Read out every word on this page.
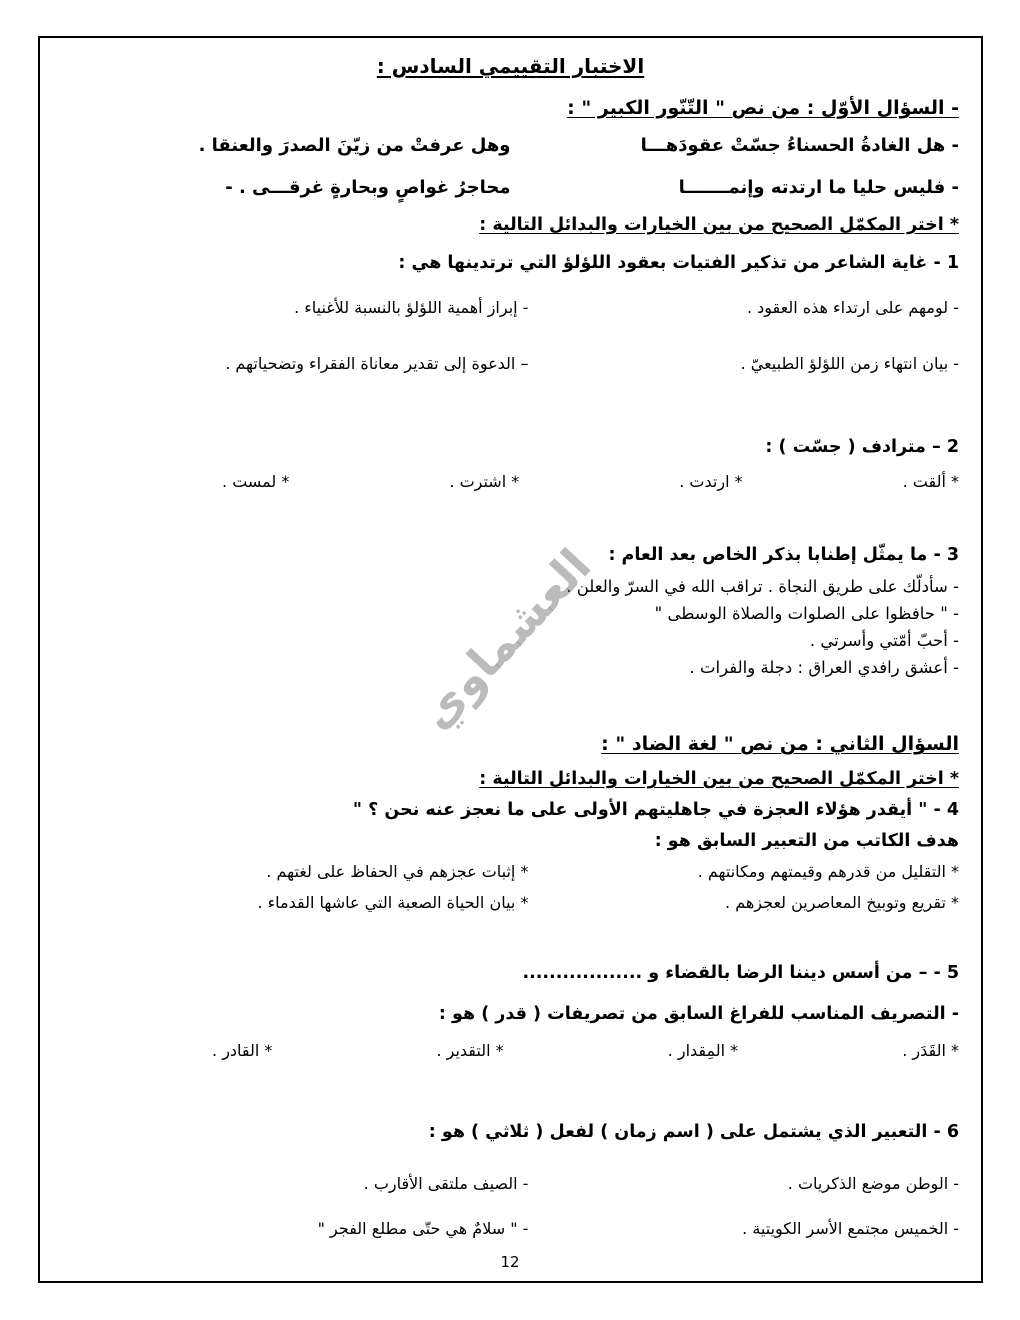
العشماوي
الاختبار التقييمي السادس :
- السؤال الأوّل : من نص " التّنّور الكبير " :
- هل الغادةُ الحسناءُ جسّتْ عقودَهـــا
وهل عرفتْ من زيّنَ الصدرَ والعنقا .
- فليس حليا ما ارتدته وإنمـــــــا
محاجرُ غواصٍ وبحارةٍ غرقـــى . -
* اختر المكمّل الصحيح من بين الخيارات والبدائل التالية :
1 - غاية الشاعر من تذكير الفتيات بعقود اللؤلؤ التي ترتدينها هي :
- لومهم على ارتداء هذه العقود .
- إبراز أهمية اللؤلؤ بالنسبة للأغنياء .
- بيان انتهاء زمن اللؤلؤ الطبيعيّ .
– الدعوة إلى تقدير معاناة الفقراء وتضحياتهم .
2 – مترادف ( جسّت ) :
* ألقت .
* ارتدت .
* اشترت .
* لمست .
3 - ما يمثّل إطنابا بذكر الخاص بعد العام :
- سأدلّك على طريق النجاة . تراقب الله في السرّ والعلن .
- " حافظوا على الصلوات والصلاة الوسطى "
- أحبّ أمّتي وأسرتي .
- أعشق رافدي العراق : دجلة والفرات .
السؤال الثاني : من نص " لغة الضاد " :
* اختر المكمّل الصحيح من بين الخيارات والبدائل التالية :
4 - " أيقدر هؤلاء العجزة في جاهليتهم الأولى على ما نعجز عنه نحن ؟ "
هدف الكاتب من التعبير السابق هو :
* التقليل من قدرهم وقيمتهم ومكانتهم .
* إثبات عجزهم في الحفاظ على لغتهم .
* تقريع وتوبيخ المعاصرين لعجزهم .
* بيان الحياة الصعبة التي عاشها القدماء .
5 - – من أسس ديننا الرضا بالقضاء و ..................
- التصريف المناسب للفراغ السابق من تصريفات ( قدر ) هو :
* القَدَر .
* المِقدار .
* التقدير .
* القادر .
6 - التعبير الذي يشتمل على ( اسم زمان ) لفعل ( ثلاثي ) هو :
- الوطن موضع الذكريات .
- الصيف ملتقى الأقارب .
- الخميس مجتمع الأسر الكويتية .
- " سلامٌ هي حتّى مطلع الفجر "
12
